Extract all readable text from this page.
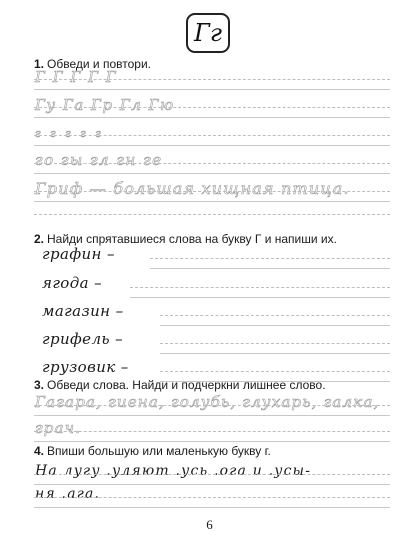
Гг
1. Обведи и повтори.
Г Г Г Г Г
Гу Га Гр Гл Гю
г г г г г
го гы гл гн ге
Гриф — большая хищная птица.
2. Найди спрятавшиеся слова на букву Г и напиши их.
графин –
ягода –
магазин –
грифель –
грузовик –
3. Обведи слова. Найди и подчеркни лишнее слово.
Гагара, гиена, голубь, глухарь, галка,
грач.
4. Впиши большую или маленькую букву г.
На лугу .уляют .усь .ога и .усы-
ня .ага.
6
